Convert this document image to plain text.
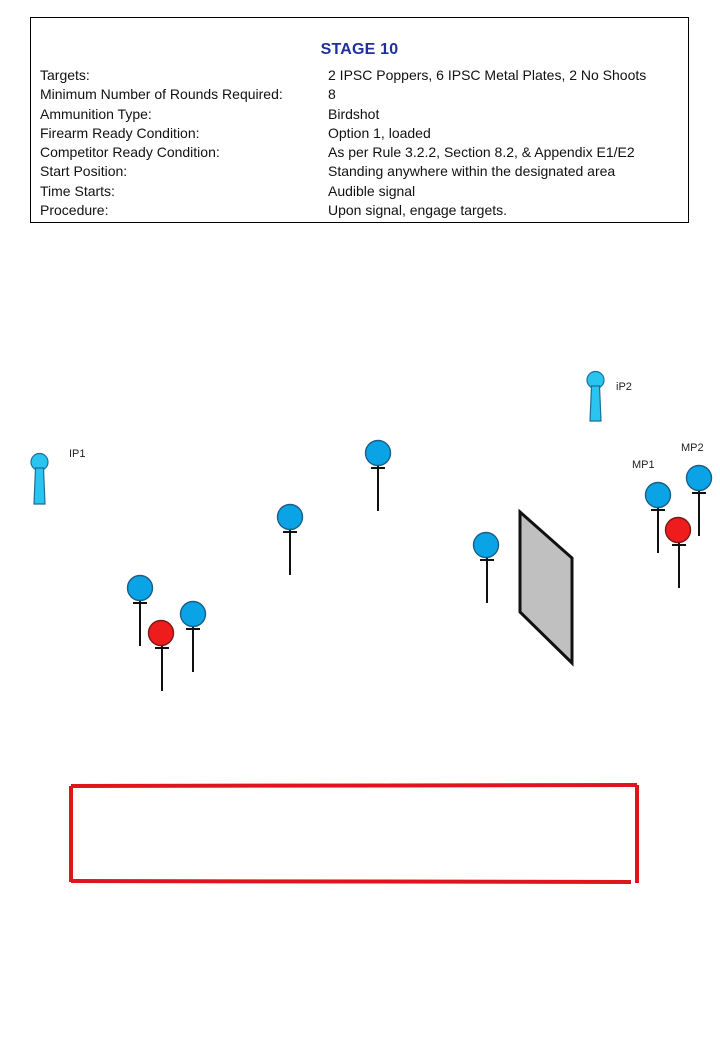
STAGE 10
Targets:	2 IPSC Poppers, 6 IPSC Metal Plates, 2 No Shoots
Minimum Number of Rounds Required:	8
Ammunition Type:	Birdshot
Firearm Ready Condition:	Option 1, loaded
Competitor Ready Condition:	As per Rule 3.2.2, Section 8.2, & Appendix E1/E2
Start Position:	Standing anywhere within the designated area
Time Starts:	Audible signal
Procedure:	Upon signal, engage targets.
IP1
iP2
MP1
MP2
